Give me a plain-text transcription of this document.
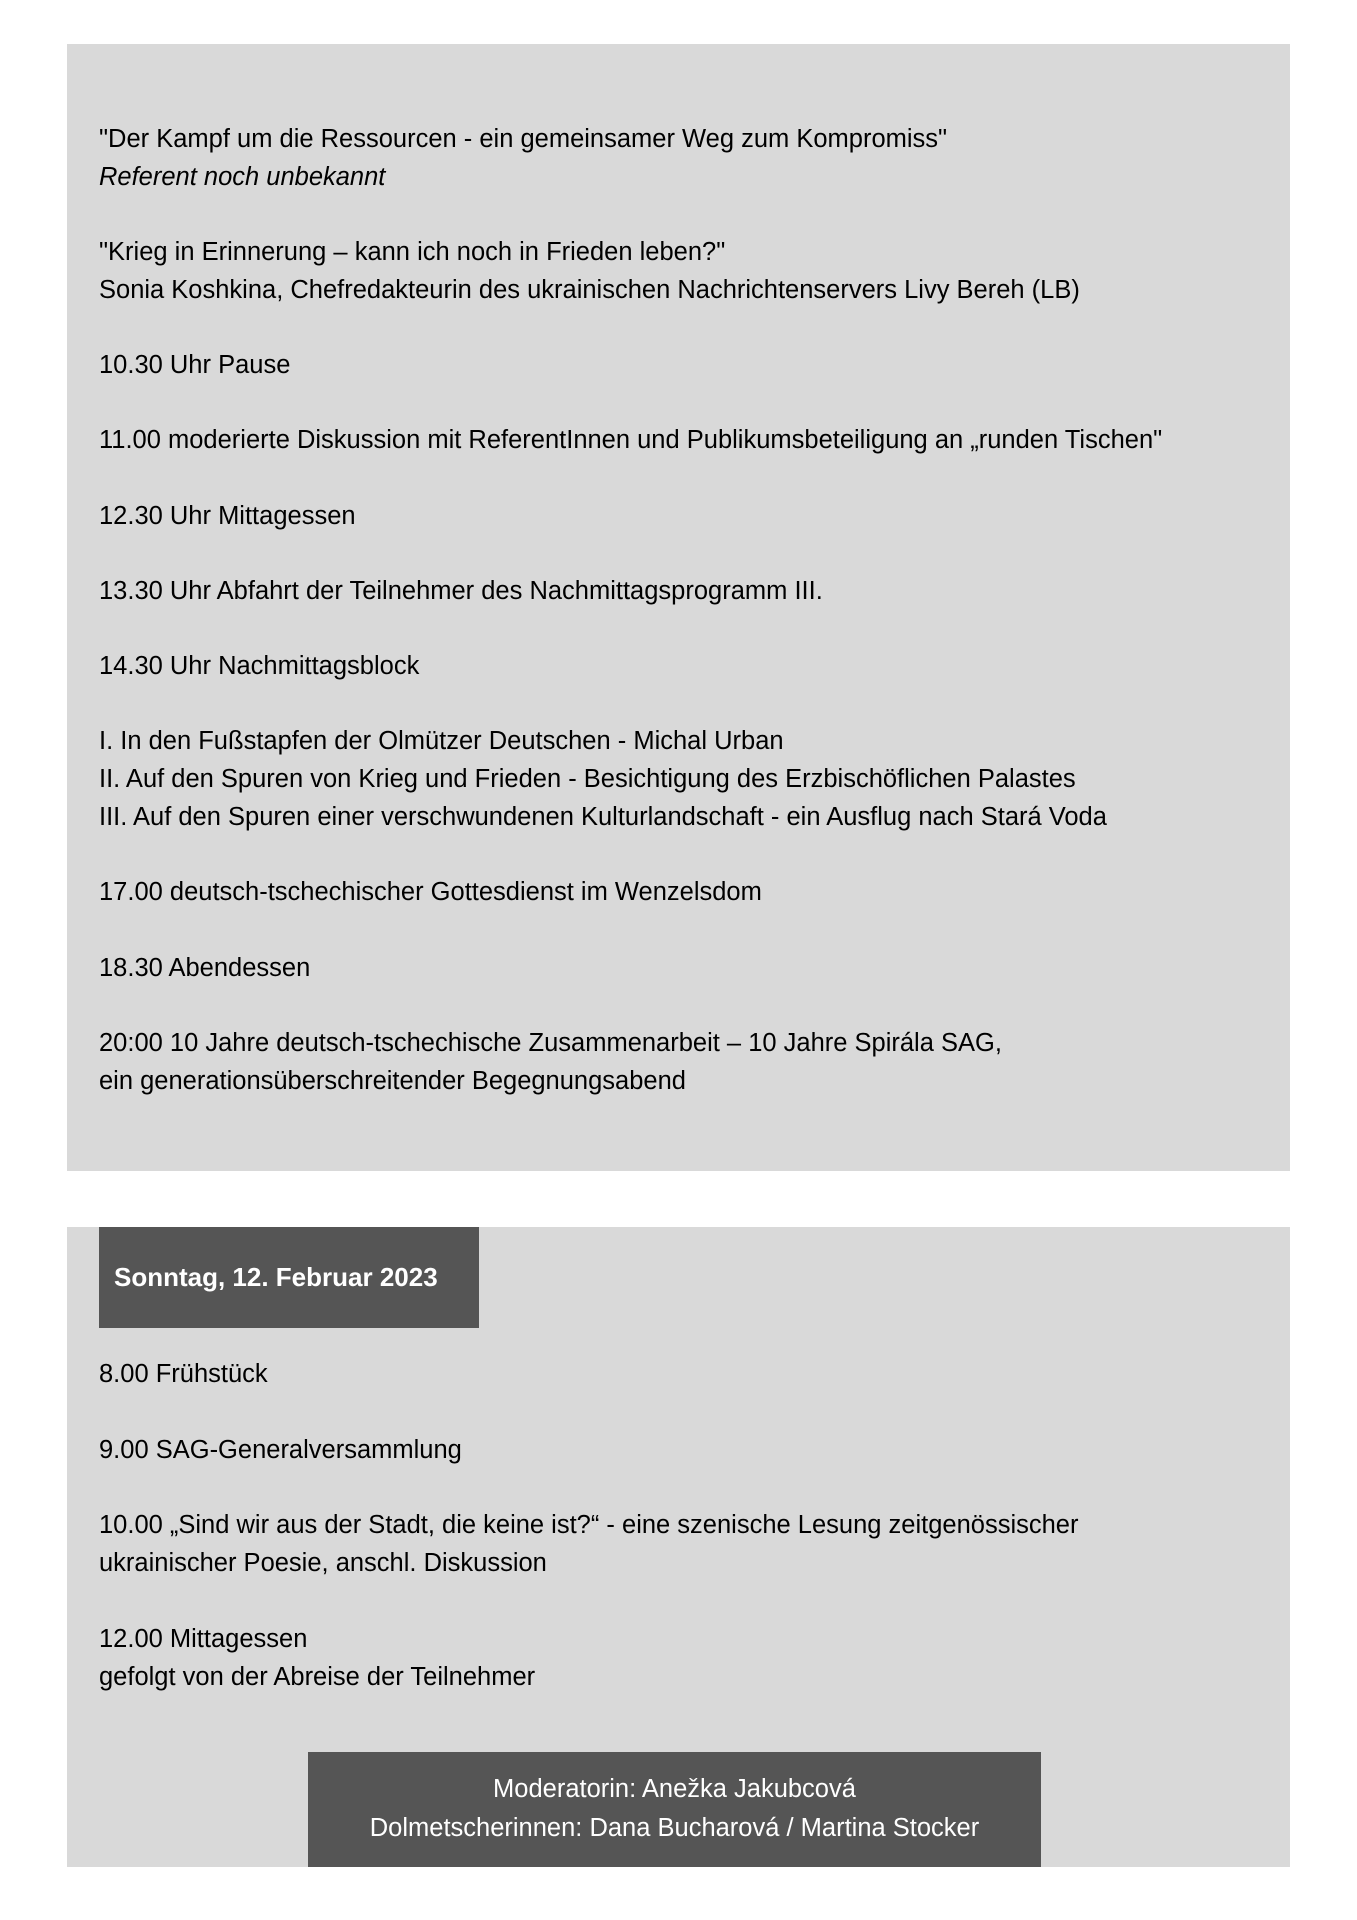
"Der Kampf um die Ressourcen - ein gemeinsamer Weg zum Kompromiss"
Referent noch unbekannt
"Krieg in Erinnerung – kann ich noch in Frieden leben?"
Sonia Koshkina, Chefredakteurin des ukrainischen Nachrichtenservers Livy Bereh (LB)
10.30 Uhr Pause
11.00 moderierte Diskussion mit ReferentInnen und Publikumsbeteiligung an „runden Tischen"
12.30 Uhr Mittagessen
13.30 Uhr Abfahrt der Teilnehmer des Nachmittagsprogramm III.
14.30 Uhr Nachmittagsblock
I. In den Fußstapfen der Olmützer Deutschen - Michal Urban
II. Auf den Spuren von Krieg und Frieden - Besichtigung des Erzbischöflichen Palastes
III. Auf den Spuren einer verschwundenen Kulturlandschaft - ein Ausflug nach Stará Voda
17.00 deutsch-tschechischer Gottesdienst im Wenzelsdom
18.30 Abendessen
20:00 10 Jahre deutsch-tschechische Zusammenarbeit – 10 Jahre Spirála SAG,
ein generationsüberschreitender Begegnungsabend
Sonntag, 12. Februar 2023
8.00 Frühstück
9.00 SAG-Generalversammlung
10.00 „Sind wir aus der Stadt, die keine ist?“ - eine szenische Lesung zeitgenössischer
ukrainischer Poesie, anschl. Diskussion
12.00 Mittagessen
gefolgt von der Abreise der Teilnehmer
Moderatorin: Anežka Jakubcová
Dolmetscherinnen: Dana Bucharová / Martina Stocker
